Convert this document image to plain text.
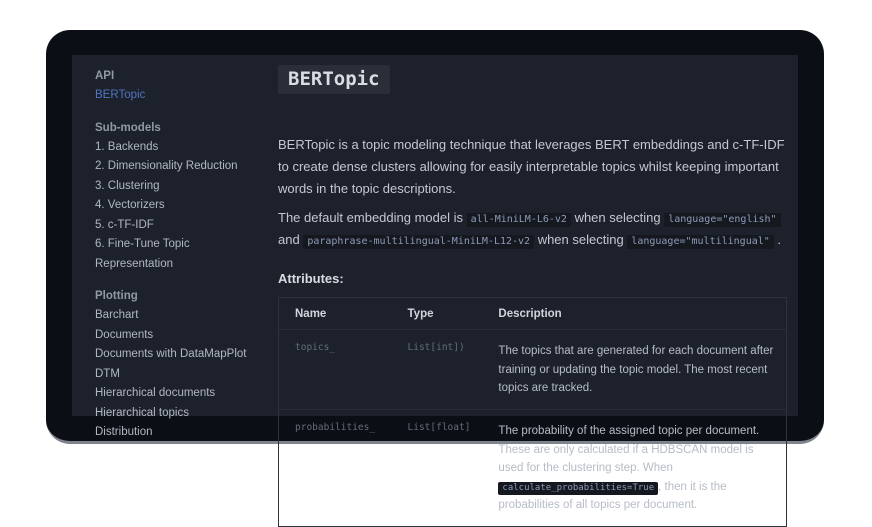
API
BERTopic
Sub-models
1. Backends
2. Dimensionality Reduction
3. Clustering
4. Vectorizers
5. c-TF-IDF
6. Fine-Tune Topic Representation
Plotting
Barchart
Documents
Documents with DataMapPlot
DTM
Hierarchical documents
Hierarchical topics
Distribution
BERTopic

BERTopic is a topic modeling technique that leverages BERT embeddings and c-TF-IDF to create dense clusters allowing for easily interpretable topics whilst keeping important words in the topic descriptions.

The default embedding model is all-MiniLM-L6-v2 when selecting language="english" and paraphrase-multilingual-MiniLM-L12-v2 when selecting language="multilingual" .

Attributes:
Name	Type	Description
topics_	List[int])	The topics that are generated for each document after training or updating the topic model. The most recent topics are tracked.
probabilities_	List[float]	The probability of the assigned topic per document. These are only calculated if a HDBSCAN model is used for the clustering step. When calculate_probabilities=True , then it is the probabilities of all topics per document.
